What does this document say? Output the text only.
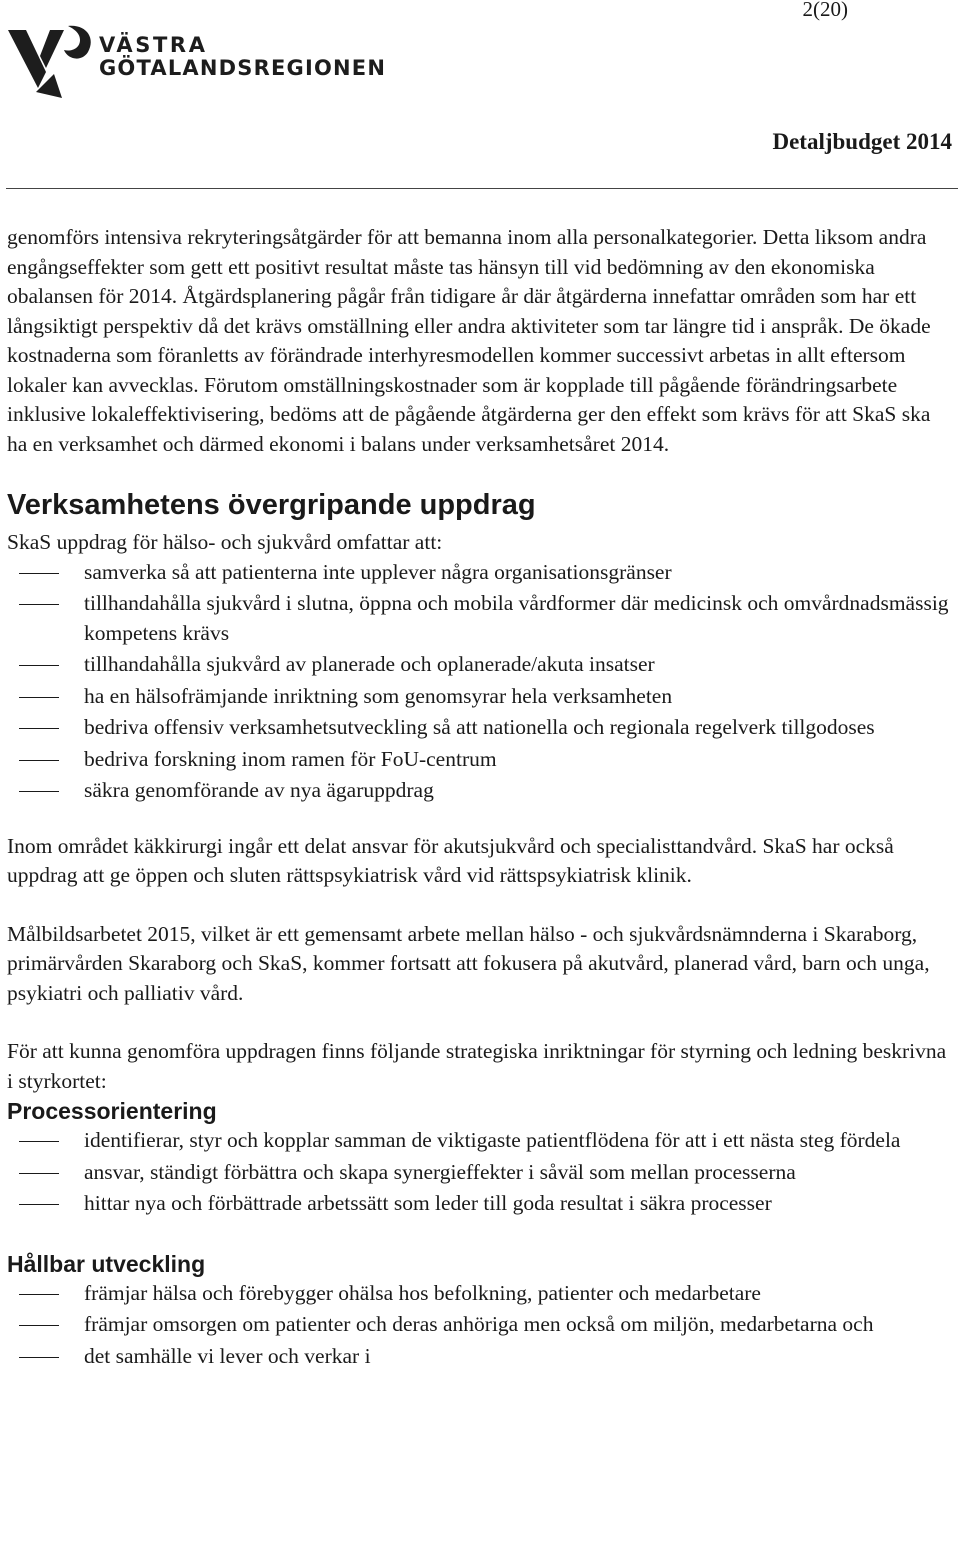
2(20)
VÄSTRA
GÖTALANDSREGIONEN
Detaljbudget 2014

genomförs intensiva rekryteringsåtgärder för att bemanna inom alla personalkategorier. Detta liksom andra engångseffekter som gett ett positivt resultat måste tas hänsyn till vid bedömning av den ekonomiska obalansen för 2014. Åtgärdsplanering pågår från tidigare år där åtgärderna innefattar områden som har ett långsiktigt perspektiv då det krävs omställning eller andra aktiviteter som tar längre tid i anspråk. De ökade kostnaderna som föranletts av förändrade interhyresmodellen kommer successivt arbetas in allt eftersom lokaler kan avvecklas. Förutom omställningskostnader som är kopplade till pågående förändringsarbete inklusive lokaleffektivisering, bedöms att de pågående åtgärderna ger den effekt som krävs för att SkaS ska ha en verksamhet och därmed ekonomi i balans under verksamhetsåret 2014.

Verksamhetens övergripande uppdrag

SkaS uppdrag för hälso- och sjukvård omfattar att:

samverka så att patienterna inte upplever några organisationsgränser
tillhandahålla sjukvård i slutna, öppna och mobila vårdformer där medicinsk och omvårdnadsmässig kompetens krävs
tillhandahålla sjukvård av planerade och oplanerade/akuta insatser
ha en hälsofrämjande inriktning som genomsyrar hela verksamheten
bedriva offensiv verksamhetsutveckling så att nationella och regionala regelverk tillgodoses
bedriva forskning inom ramen för FoU-centrum
säkra genomförande av nya ägaruppdrag

Inom området käkkirurgi ingår ett delat ansvar för akutsjukvård och specialisttandvård. SkaS har också uppdrag att ge öppen och sluten rättspsykiatrisk vård vid rättspsykiatrisk klinik.

Målbildsarbetet 2015, vilket är ett gemensamt arbete mellan hälso - och sjukvårdsnämnderna i Skaraborg, primärvården Skaraborg och SkaS, kommer fortsatt att fokusera på akutvård, planerad vård, barn och unga, psykiatri och palliativ vård.

För att kunna genomföra uppdragen finns följande strategiska inriktningar för styrning och ledning beskrivna i styrkortet:

Processorientering
identifierar, styr och kopplar samman de viktigaste patientflödena för att i ett nästa steg fördela
ansvar, ständigt förbättra och skapa synergieffekter i såväl som mellan processerna
hittar nya och förbättrade arbetssätt som leder till goda resultat i säkra processer
Hållbar utveckling
främjar hälsa och förebygger ohälsa hos befolkning, patienter och medarbetare
främjar omsorgen om patienter och deras anhöriga men också om miljön, medarbetarna och
det samhälle vi lever och verkar i
